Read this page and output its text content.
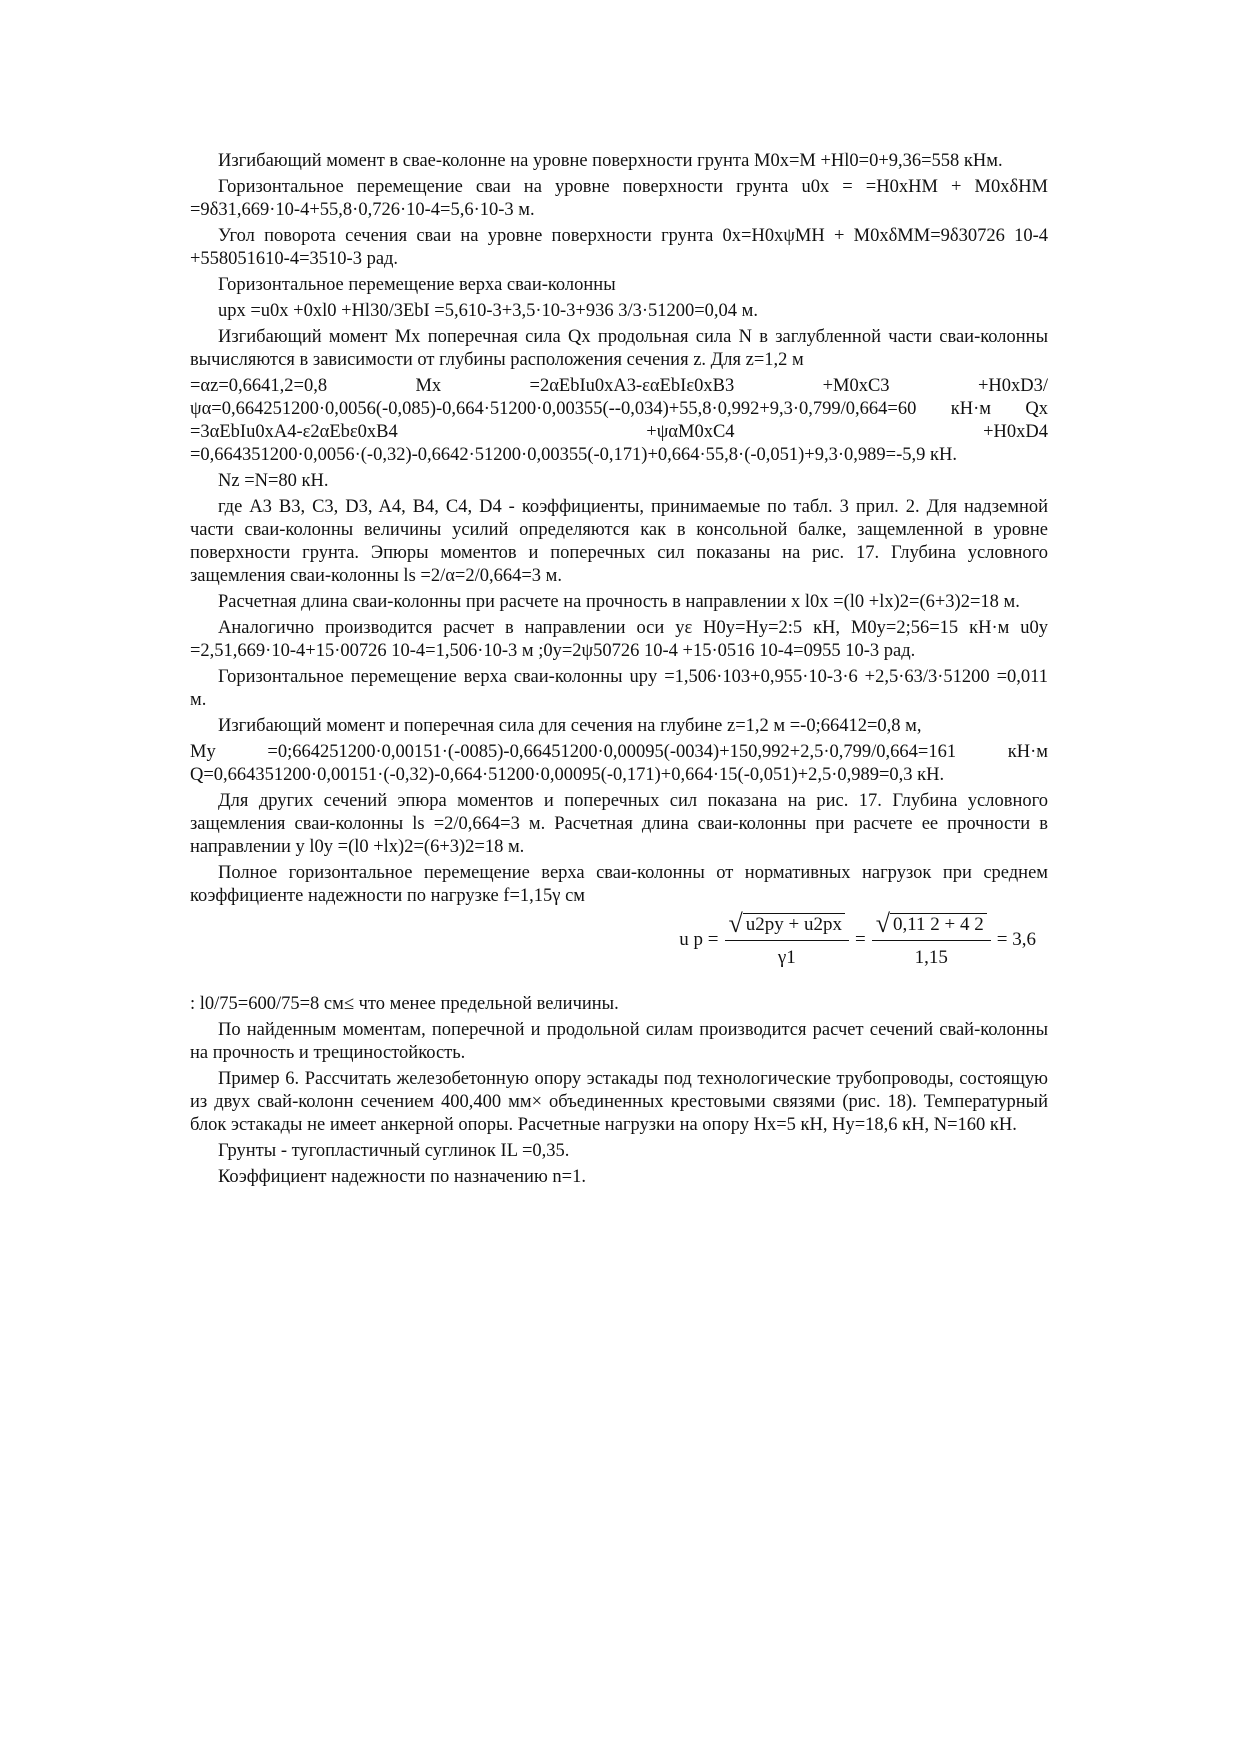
Изгибающий момент в свае-колонне на уровне поверхности грунта M0x=M +Hl0=0+9,36=558 кНм.

Горизонтальное перемещение сваи на уровне поверхности грунта u0x = =H0xHM + M0xδHM =9δ31,669·10-4+55,8·0,726·10-4=5,6·10-3 м.

Угол поворота сечения сваи на уровне поверхности грунта 0x=H0xψMH + M0xδMM=9δ30726 10-4 +558051610-4=3510-3 рад.

Горизонтальное перемещение верха сваи-колонны

upx =u0x +0xl0 +Hl30/3EbI =5,610-3+3,5·10-3+936 3/3·51200=0,04 м.

Изгибающий момент Mx поперечная сила Qx продольная сила N в заглубленной части сваи-колонны вычисляются в зависимости от глубины расположения сечения z. Для z=1,2 м

=αz=0,6641,2=0,8 Mx =2αEbIu0xA3-εαEbIε0xB3 +M0xC3 +H0xD3/ψα=0,664251200·0,0056(-0,085)-0,664·51200·0,00355(--0,034)+55,8·0,992+9,3·0,799/0,664=60 кН·м Qx =3αEbIu0xA4-ε2αEbε0xB4 +ψαM0xC4 +H0xD4 =0,664351200·0,0056·(-0,32)-0,6642·51200·0,00355(-0,171)+0,664·55,8·(-0,051)+9,3·0,989=-5,9 кН.

Nz =N=80 кН.

где A3 B3, C3, D3, A4, B4, C4, D4 - коэффициенты, принимаемые по табл. 3 прил. 2. Для надземной части сваи-колонны величины усилий определяются как в консольной балке, защемленной в уровне поверхности грунта. Эпюры моментов и поперечных сил показаны на рис. 17. Глубина условного защемления сваи-колонны ls =2/α=2/0,664=3 м.

Расчетная длина сваи-колонны при расчете на прочность в направлении x l0x =(l0 +lx)2=(6+3)2=18 м.

Аналогично производится расчет в направлении оси yε H0y=Hy=2:5 кН, M0y=2;56=15 кН·м u0y =2,51,669·10-4+15·00726 10-4=1,506·10-3 м ;0y=2ψ50726 10-4 +15·0516 10-4=0955 10-3 рад.

Горизонтальное перемещение верха сваи-колонны upy =1,506·103+0,955·10-3·6 +2,5·63/3·51200 =0,011 м.

Изгибающий момент и поперечная сила для сечения на глубине z=1,2 м =-0;66412=0,8 м,

My =0;664251200·0,00151·(-0085)-0,66451200·0,00095(-0034)+150,992+2,5·0,799/0,664=161 кН·м Q=0,664351200·0,00151·(-0,32)-0,664·51200·0,00095(-0,171)+0,664·15(-0,051)+2,5·0,989=0,3 кН.

Для других сечений эпюра моментов и поперечных сил показана на рис. 17. Глубина условного защемления сваи-колонны ls =2/0,664=3 м. Расчетная длина сваи-колонны при расчете ее прочности в направлении y l0y =(l0 +lx)2=(6+3)2=18 м.

Полное горизонтальное перемещение верха сваи-колонны от нормативных нагрузок при среднем коэффициенте надежности по нагрузке f=1,15γ см

u $p = \frac{√ u2py + u2px}{\gamma 1} = \frac{√ 0,11 2 + 4 2}{1,15} = 3,6$

: l0/75=600/75=8 см≤ что менее предельной величины.

По найденным моментам, поперечной и продольной силам производится расчет сечений свай-колонны на прочность и трещиностойкость.

Пример 6. Рассчитать железобетонную опору эстакады под технологические трубопроводы, состоящую из двух свай-колонн сечением 400,400 мм× объединенных крестовыми связями (рис. 18). Температурный блок эстакады не имеет анкерной опоры. Расчетные нагрузки на опору Hx=5 кН, Hy=18,6 кН, N=160 кН.

Грунты - тугопластичный суглинок IL =0,35.

Коэффициент надежности по назначению n=1.
